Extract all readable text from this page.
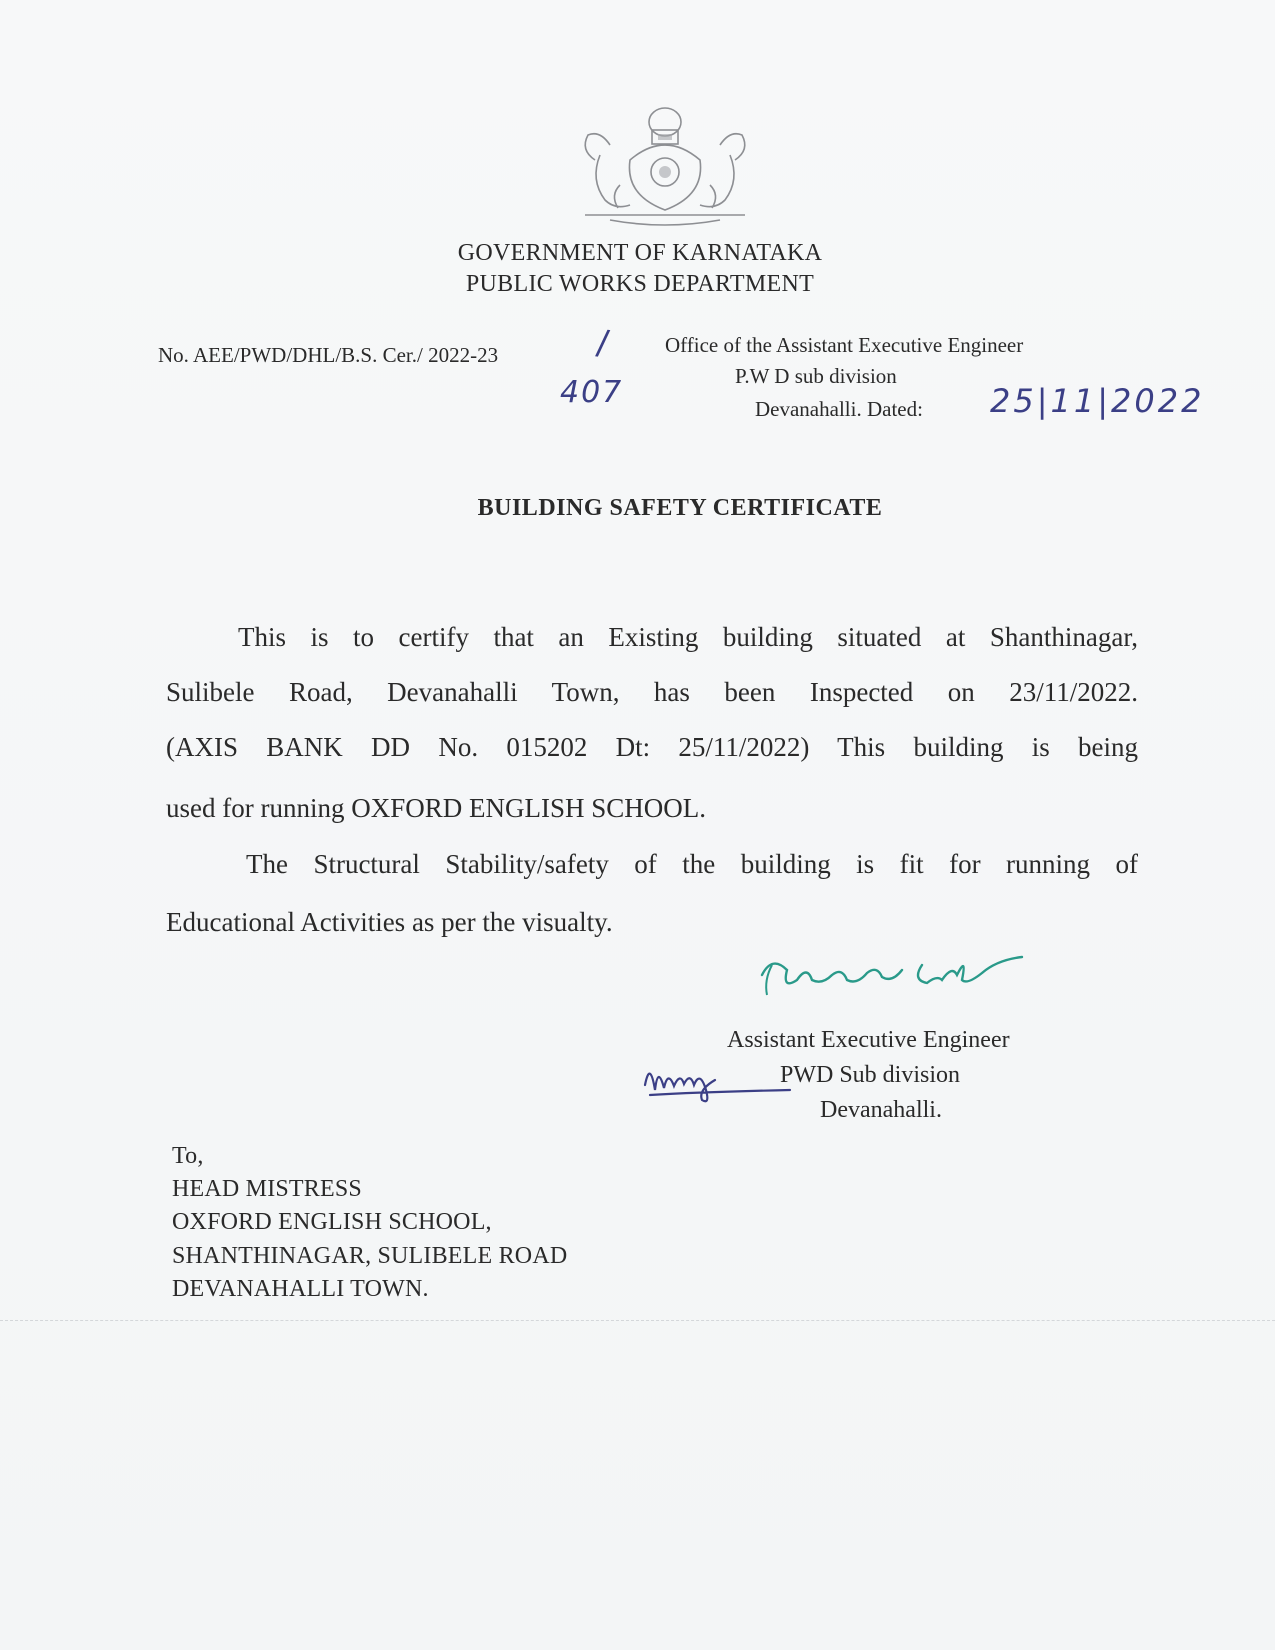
GOVERNMENT OF KARNATAKA
PUBLIC WORKS DEPARTMENT
No. AEE/PWD/DHL/B.S. Cer./ 2022-23	/
407
Office of the Assistant Executive Engineer
P.W D sub division
Devanahalli. Dated: 25|11|2022
BUILDING SAFETY CERTIFICATE
This is to certify that an Existing building situated at Shanthinagar,
Sulibele Road, Devanahalli Town, has been Inspected on 23/11/2022.
(AXIS BANK DD No. 015202 Dt: 25/11/2022) This building is being
used for running OXFORD ENGLISH SCHOOL.
The Structural Stability/safety of the building is fit for running of
Educational Activities as per the visualty.
Assistant Executive Engineer
PWD Sub division
Devanahalli.
To,
HEAD MISTRESS
OXFORD ENGLISH SCHOOL,
SHANTHINAGAR, SULIBELE ROAD
DEVANAHALLI TOWN.
